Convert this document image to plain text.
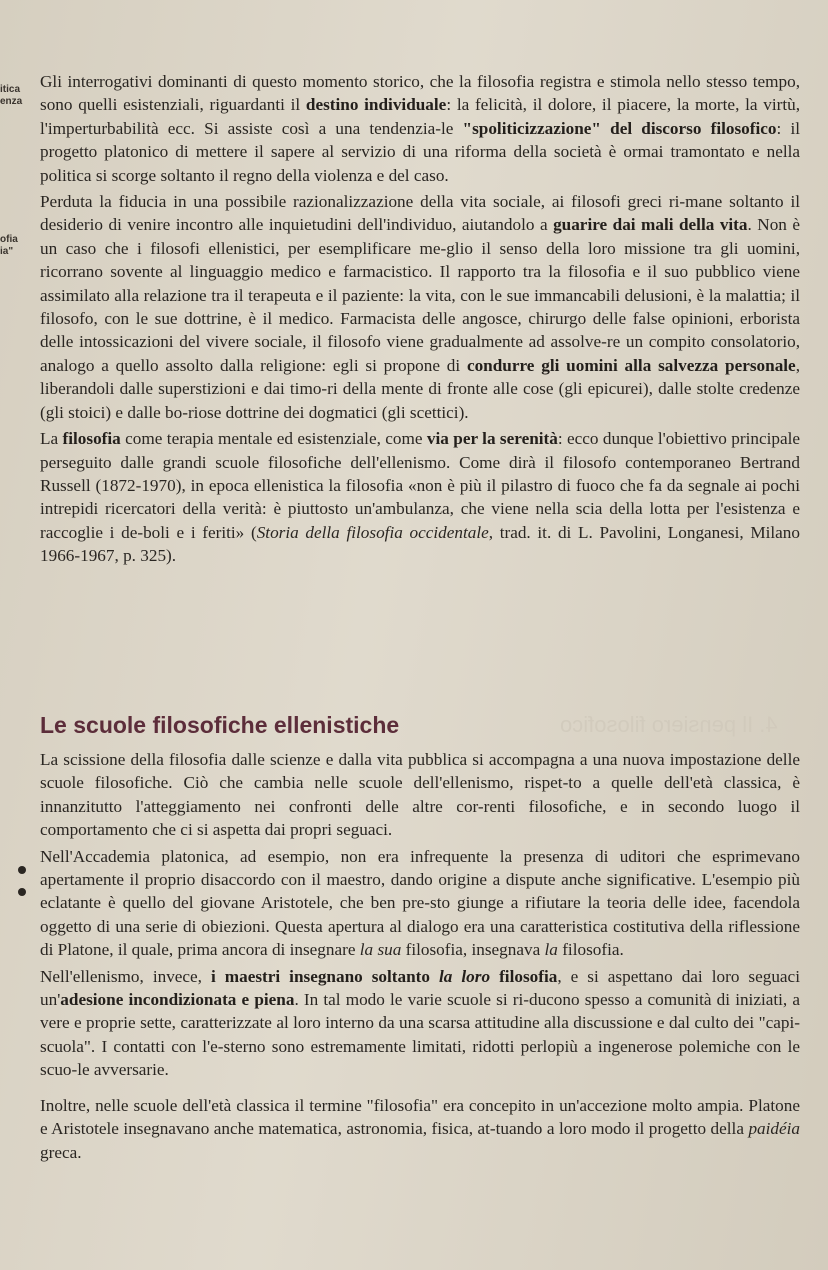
itica
enza
ofia
ia"

Gli interrogativi dominanti di questo momento storico, che la filosofia registra e stimola nello stesso tempo, sono quelli esistenziali, riguardanti il destino individuale: la felicità, il dolore, il piacere, la morte, la virtù, l'imperturbabilità ecc. Si assiste così a una tendenzia-le "spoliticizzazione" del discorso filosofico: il progetto platonico di mettere il sapere al servizio di una riforma della società è ormai tramontato e nella politica si scorge soltanto il regno della violenza e del caso.

Perduta la fiducia in una possibile razionalizzazione della vita sociale, ai filosofi greci ri-mane soltanto il desiderio di venire incontro alle inquietudini dell'individuo, aiutandolo a guarire dai mali della vita. Non è un caso che i filosofi ellenistici, per esemplificare me-glio il senso della loro missione tra gli uomini, ricorrano sovente al linguaggio medico e farmacistico. Il rapporto tra la filosofia e il suo pubblico viene assimilato alla relazione tra il terapeuta e il paziente: la vita, con le sue immancabili delusioni, è la malattia; il filosofo, con le sue dottrine, è il medico. Farmacista delle angosce, chirurgo delle false opinioni, erborista delle intossicazioni del vivere sociale, il filosofo viene gradualmente ad assolve-re un compito consolatorio, analogo a quello assolto dalla religione: egli si propone di condurre gli uomini alla salvezza personale, liberandoli dalle superstizioni e dai timo-ri della mente di fronte alle cose (gli epicurei), dalle stolte credenze (gli stoici) e dalle bo-riose dottrine dei dogmatici (gli scettici).

La filosofia come terapia mentale ed esistenziale, come via per la serenità: ecco dunque l'obiettivo principale perseguito dalle grandi scuole filosofiche dell'ellenismo. Come dirà il filosofo contemporaneo Bertrand Russell (1872-1970), in epoca ellenistica la filosofia «non è più il pilastro di fuoco che fa da segnale ai pochi intrepidi ricercatori della verità: è piuttosto un'ambulanza, che viene nella scia della lotta per l'esistenza e raccoglie i de-boli e i feriti» (Storia della filosofia occidentale, trad. it. di L. Pavolini, Longanesi, Milano 1966-1967, p. 325).

4. Il pensiero filosofico
Le scuole filosofiche ellenistiche

La scissione della filosofia dalle scienze e dalla vita pubblica si accompagna a una nuova impostazione delle scuole filosofiche. Ciò che cambia nelle scuole dell'ellenismo, rispet-to a quelle dell'età classica, è innanzitutto l'atteggiamento nei confronti delle altre cor-renti filosofiche, e in secondo luogo il comportamento che ci si aspetta dai propri seguaci.

Nell'Accademia platonica, ad esempio, non era infrequente la presenza di uditori che esprimevano apertamente il proprio disaccordo con il maestro, dando origine a dispute anche significative. L'esempio più eclatante è quello del giovane Aristotele, che ben pre-sto giunge a rifiutare la teoria delle idee, facendola oggetto di una serie di obiezioni. Questa apertura al dialogo era una caratteristica costitutiva della riflessione di Platone, il quale, prima ancora di insegnare la sua filosofia, insegnava la filosofia.

Nell'ellenismo, invece, i maestri insegnano soltanto la loro filosofia, e si aspettano dai loro seguaci un'adesione incondizionata e piena. In tal modo le varie scuole si ri-ducono spesso a comunità di iniziati, a vere e proprie sette, caratterizzate al loro interno da una scarsa attitudine alla discussione e dal culto dei "capi-scuola". I contatti con l'e-sterno sono estremamente limitati, ridotti perlopiù a ingenerose polemiche con le scuo-le avversarie.

Inoltre, nelle scuole dell'età classica il termine "filosofia" era concepito in un'accezione molto ampia. Platone e Aristotele insegnavano anche matematica, astronomia, fisica, at-tuando a loro modo il progetto della paidéia greca.
